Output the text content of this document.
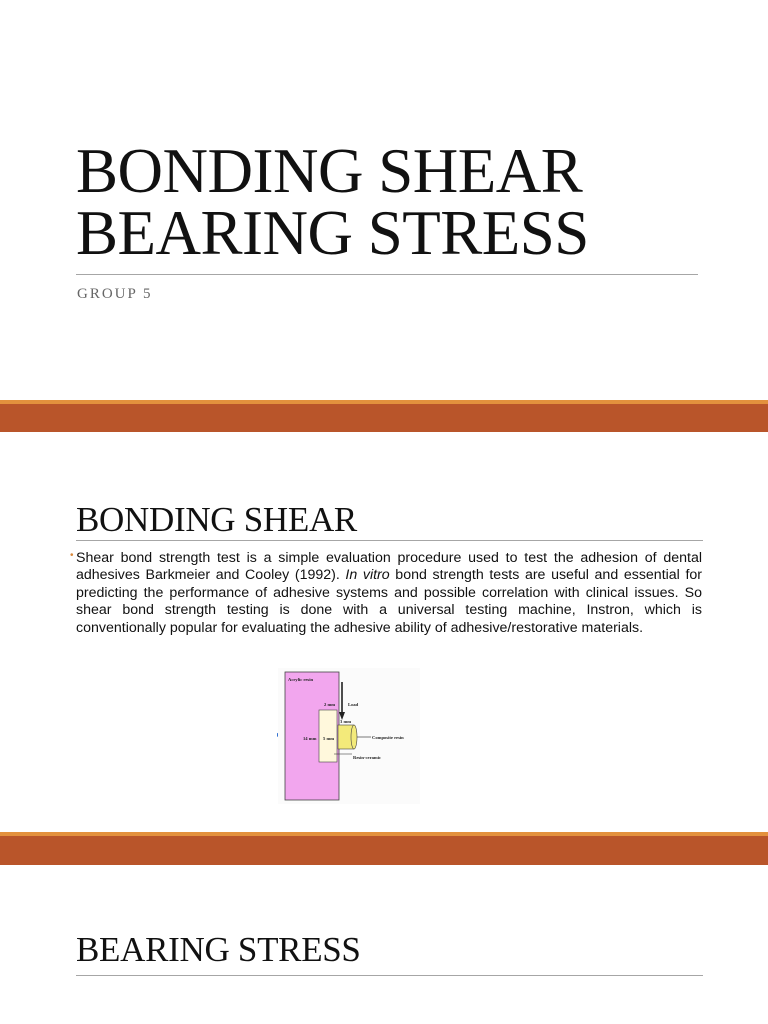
BONDING SHEAR
BEARING STRESS
GROUP 5
BONDING SHEAR
• Shear bond strength test is a simple evaluation procedure used to test the adhesion of dental adhesives Barkmeier and Cooley (1992). In vitro bond strength tests are useful and essential for predicting the performance of adhesive systems and possible correlation with clinical issues. So shear bond strength testing is done with a universal testing machine, Instron, which is conventionally popular for evaluating the adhesive ability of adhesive/restorative materials.

Acrylic resin
Load
2 mm
3 mm
5 mm
14 mm	Composite resin
Resin-ceramic
BEARING STRESS
